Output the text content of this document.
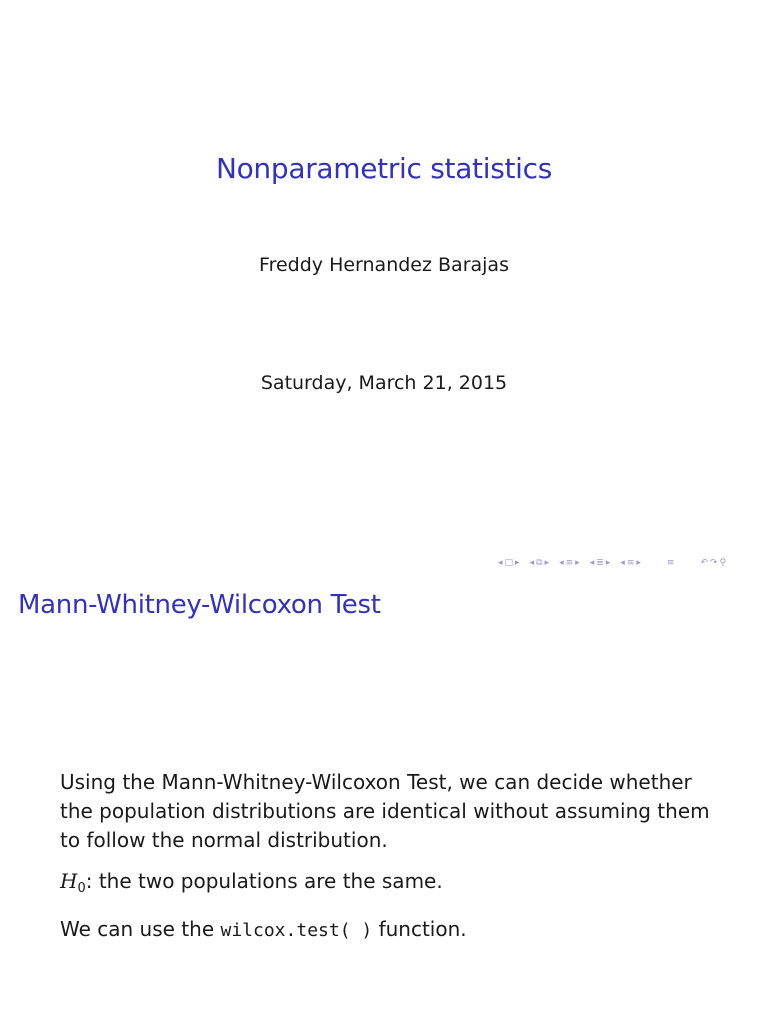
Nonparametric statistics
Freddy Hernandez Barajas
Saturday, March 21, 2015
◂ □ ▸ ◂ ⧉ ▸ ◂ ≡ ▸ ◂ ≣ ▸ ◂ ≡ ▸	≡	↶ ↷ ⚲
Mann-Whitney-Wilcoxon Test

Using the Mann-Whitney-Wilcoxon Test, we can decide whether the population distributions are identical without assuming them to follow the normal distribution.

$H_0$: the two populations are the same.

We can use the wilcox.test( ) function.
